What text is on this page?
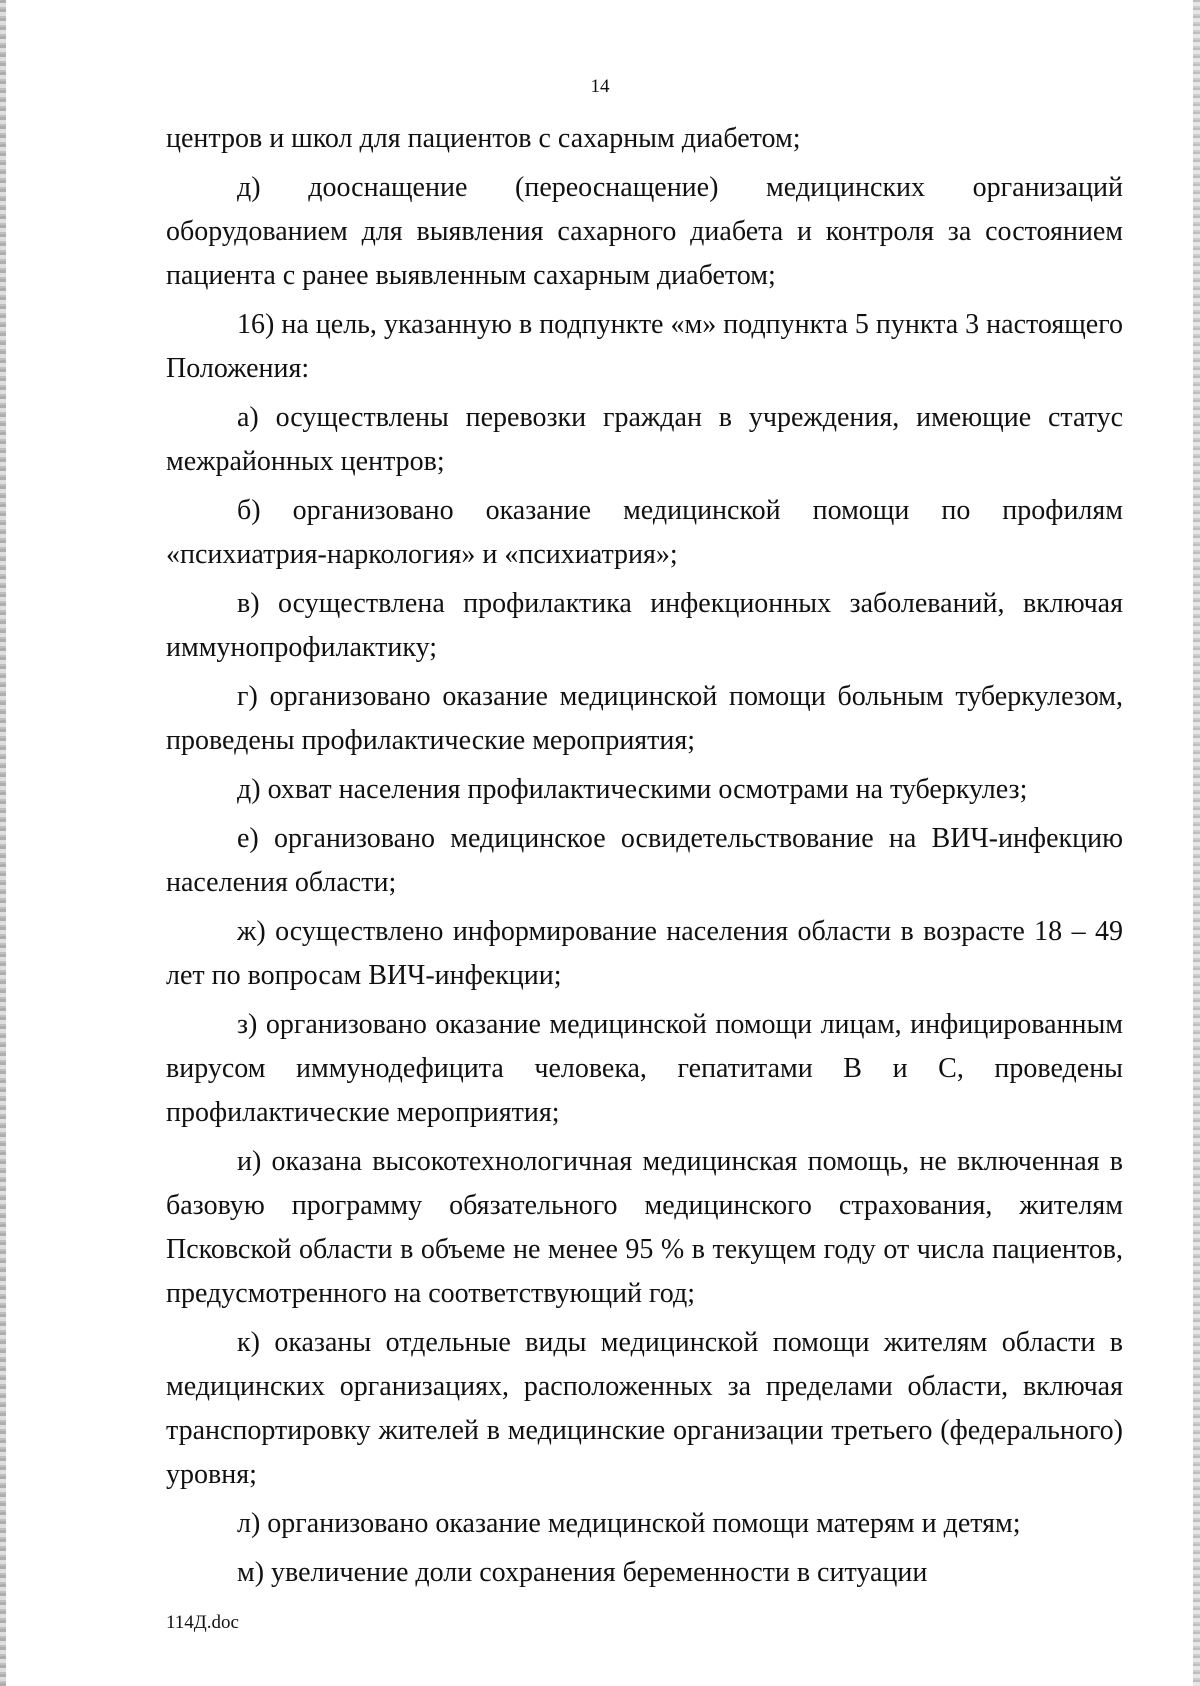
14

центров и школ для пациентов с сахарным диабетом;

д) дооснащение (переоснащение) медицинских организаций оборудованием для выявления сахарного диабета и контроля за состоянием пациента с ранее выявленным сахарным диабетом;

16) на цель, указанную в подпункте «м» подпункта 5 пункта 3 настоящего Положения:

а) осуществлены перевозки граждан в учреждения, имеющие статус межрайонных центров;

б) организовано оказание медицинской помощи по профилям «психиатрия-наркология» и «психиатрия»;

в) осуществлена профилактика инфекционных заболеваний, включая иммунопрофилактику;

г) организовано оказание медицинской помощи больным туберкулезом, проведены профилактические мероприятия;

д) охват населения профилактическими осмотрами на туберкулез;

е) организовано медицинское освидетельствование на ВИЧ-инфекцию населения области;

ж) осуществлено информирование населения области в возрасте 18 – 49 лет по вопросам ВИЧ-инфекции;

з) организовано оказание медицинской помощи лицам, инфицированным вирусом иммунодефицита человека, гепатитами В и С, проведены профилактические мероприятия;

и) оказана высокотехнологичная медицинская помощь, не включенная в базовую программу обязательного медицинского страхования, жителям Псковской области в объеме не менее 95 % в текущем году от числа пациентов, предусмотренного на соответствующий год;

к) оказаны отдельные виды медицинской помощи жителям области в медицинских организациях, расположенных за пределами области, включая транспортировку жителей в медицинские организации третьего (федерального) уровня;

л) организовано оказание медицинской помощи матерям и детям;

м) увеличение доли сохранения беременности в ситуации

114Д.doc
